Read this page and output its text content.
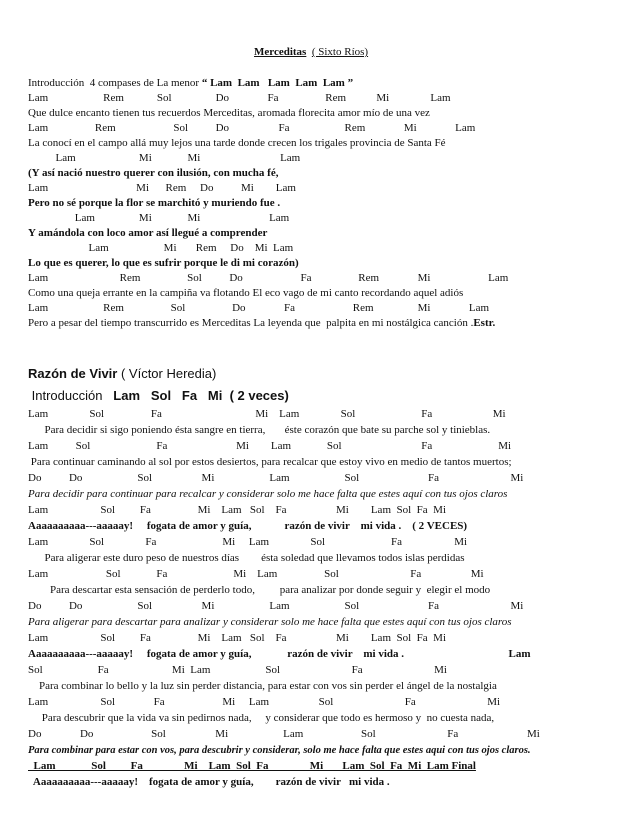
Merceditas ( Sixto Ríos)
Introducción  4 compases de La menor “ Lam  Lam   Lam  Lam  Lam ”
Lam                    Rem            Sol                Do              Fa                 Rem           Mi               Lam
Que dulce encanto tienen tus recuerdos Merceditas, aromada florecita amor mío de una vez
Lam                 Rem                     Sol          Do                  Fa                    Rem              Mi              Lam
La conocí en el campo allá muy lejos una tarde donde crecen los trigales provincia de Santa Fé
Lam                       Mi             Mi                             Lam
(Y así nació nuestro querer con ilusión, con mucha fé,
Lam                                Mi      Rem     Do          Mi        Lam
Pero no sé porque la flor se marchitó y muriendo fue .
Lam                Mi             Mi                         Lam
Y amándola con loco amor así llegué a comprender
Lam                    Mi       Rem     Do    Mi  Lam
Lo que es querer, lo que es sufrir porque le di mi corazón)
Lam                          Rem                 Sol          Do                     Fa                 Rem              Mi                     Lam
Como una queja errante en la campiña va flotando El eco vago de mi canto recordando aquel adiós
Lam                    Rem                 Sol                 Do              Fa                     Rem                Mi              Lam
Pero a pesar del tiempo transcurrido es Merceditas La leyenda que  palpita en mi nostálgica canción .Estr.
Razón de Vivir ( Víctor Heredia)
Introducción   Lam   Sol   Fa   Mi  ( 2 veces)
Lam               Sol                 Fa                                  Mi    Lam               Sol                        Fa                      Mi
Para decidir si sigo poniendo ésta sangre en tierra,       éste corazón que bate su parche sol y tinieblas.
Lam          Sol                        Fa                         Mi        Lam             Sol                             Fa                        Mi
Para continuar caminando al sol por estos desiertos, para recalcar que estoy vivo en medio de tantos muertos;
Do          Do                    Sol                  Mi                    Lam                    Sol                         Fa                          Mi
Para decidir para continuar para recalcar y considerar solo me hace falta que estes aquí con tus ojos claros
Lam                   Sol         Fa                 Mi    Lam   Sol    Fa                  Mi        Lam  Sol  Fa  Mi
Aaaaaaaaaa---aaaaay!     fogata de amor y guía,            razón de vivir    mi vida .    ( 2 VECES)
Lam               Sol               Fa                        Mi     Lam               Sol                        Fa                   Mi
Para aligerar este duro peso de nuestros días        ésta soledad que llevamos todos islas perdidas
Lam                     Sol             Fa                        Mi    Lam                 Sol                          Fa                  Mi
Para descartar esta sensación de perderlo todo,         para analizar por donde seguir y  elegir el modo
Do          Do                    Sol                  Mi                    Lam                    Sol                         Fa                          Mi
Para aligerar para descartar para analizar y considerar solo me hace falta que estes aquí con tus ojos claros
Lam                   Sol         Fa                 Mi    Lam   Sol    Fa                  Mi        Lam  Sol  Fa  Mi
Aaaaaaaaaa---aaaaay!     fogata de amor y guía,             razón de vivir    mi vida .                                      Lam
Sol                    Fa                       Mi  Lam                    Sol                          Fa                          Mi
Para combinar lo bello y la luz sin perder distancia, para estar con vos sin perder el ángel de la nostalgia
Lam                   Sol              Fa                     Mi     Lam                  Sol                          Fa                          Mi
Para descubrir que la vida va sin pedirnos nada,     y considerar que todo es hermoso y  no cuesta nada,
Do              Do                     Sol                  Mi                    Lam                     Sol                          Fa                         Mi
Para combinar para estar con vos, para descubrir y considerar, solo me hace falta que estes aqui con tus ojos claros.
Lam             Sol         Fa               Mi    Lam  Sol  Fa               Mi       Lam  Sol  Fa  Mi  Lam Final
Aaaaaaaaaa---aaaaay!    fogata de amor y guía,        razón de vivir   mi vida .
